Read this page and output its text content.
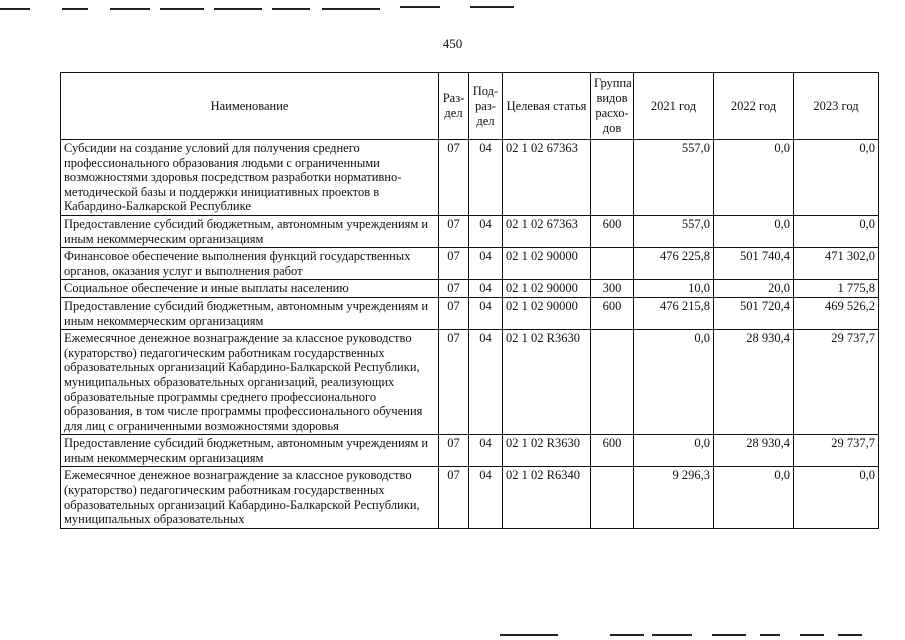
450
Наименование	Раз-дел	Под-раз-дел	Целевая статья	Группа видов расхо-дов	2021 год	2022 год	2023 год
Субсидии на создание условий для получения среднего профессионального образования людьми с ограниченными возможностями здоровья посредством разработки нормативно-методической базы и поддержки инициативных проектов в Кабардино-Балкарской Республике	07	04	02 1 02 67363		557,0	0,0	0,0
Предоставление субсидий бюджетным, автономным учреждениям и иным некоммерческим организациям	07	04	02 1 02 67363	600	557,0	0,0	0,0
Финансовое обеспечение выполнения функций государственных органов, оказания услуг и выполнения работ	07	04	02 1 02 90000		476 225,8	501 740,4	471 302,0
Социальное обеспечение и иные выплаты населению	07	04	02 1 02 90000	300	10,0	20,0	1 775,8
Предоставление субсидий бюджетным, автономным учреждениям и иным некоммерческим организациям	07	04	02 1 02 90000	600	476 215,8	501 720,4	469 526,2
Ежемесячное денежное вознаграждение за классное руководство (кураторство) педагогическим работникам государственных образовательных организаций Кабардино-Балкарской Республики, муниципальных образовательных организаций, реализующих образовательные программы среднего профессионального образования, в том числе программы профессионального обучения для лиц с ограниченными возможностями здоровья	07	04	02 1 02 R3630		0,0	28 930,4	29 737,7
Предоставление субсидий бюджетным, автономным учреждениям и иным некоммерческим организациям	07	04	02 1 02 R3630	600	0,0	28 930,4	29 737,7
Ежемесячное денежное вознаграждение за классное руководство (кураторство) педагогическим работникам государственных образовательных организаций Кабардино-Балкарской Республики, муниципальных образовательных	07	04	02 1 02 R6340		9 296,3	0,0	0,0
